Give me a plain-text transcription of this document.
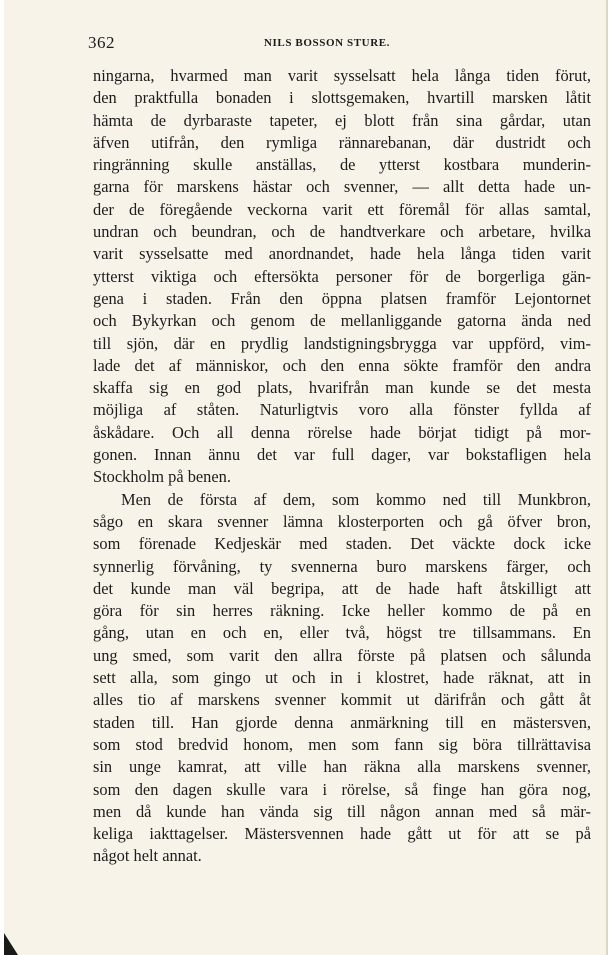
362	NILS BOSSON STURE.
ningarna, hvarmed man varit sysselsatt hela långa tiden förut,
den praktfulla bonaden i slottsgemaken, hvartill marsken låtit
hämta de dyrbaraste tapeter, ej blott från sina gårdar, utan
äfven utifrån, den rymliga rännarebanan, där dustridt och
ringränning skulle anställas, de ytterst kostbara munderin-
garna för marskens hästar och svenner, — allt detta hade un-
der de föregående veckorna varit ett föremål för allas samtal,
undran och beundran, och de handtverkare och arbetare, hvilka
varit sysselsatte med anordnandet, hade hela långa tiden varit
ytterst viktiga och eftersökta personer för de borgerliga gän-
gena i staden. Från den öppna platsen framför Lejontornet
och Bykyrkan och genom de mellanliggande gatorna ända ned
till sjön, där en prydlig landstigningsbrygga var uppförd, vim-
lade det af människor, och den enna sökte framför den andra
skaffa sig en god plats, hvarifrån man kunde se det mesta
möjliga af ståten. Naturligtvis voro alla fönster fyllda af
åskådare. Och all denna rörelse hade börjat tidigt på mor-
gonen. Innan ännu det var full dager, var bokstafligen hela
Stockholm på benen.
Men de första af dem, som kommo ned till Munkbron,
sågo en skara svenner lämna klosterporten och gå öfver bron,
som förenade Kedjeskär med staden. Det väckte dock icke
synnerlig förvåning, ty svennerna buro marskens färger, och
det kunde man väl begripa, att de hade haft åtskilligt att
göra för sin herres räkning. Icke heller kommo de på en
gång, utan en och en, eller två, högst tre tillsammans. En
ung smed, som varit den allra förste på platsen och sålunda
sett alla, som gingo ut och in i klostret, hade räknat, att in
alles tio af marskens svenner kommit ut därifrån och gått åt
staden till. Han gjorde denna anmärkning till en mästersven,
som stod bredvid honom, men som fann sig böra tillrättavisa
sin unge kamrat, att ville han räkna alla marskens svenner,
som den dagen skulle vara i rörelse, så finge han göra nog,
men då kunde han vända sig till någon annan med så mär-
keliga iakttagelser. Mästersvennen hade gått ut för att se på
något helt annat.
